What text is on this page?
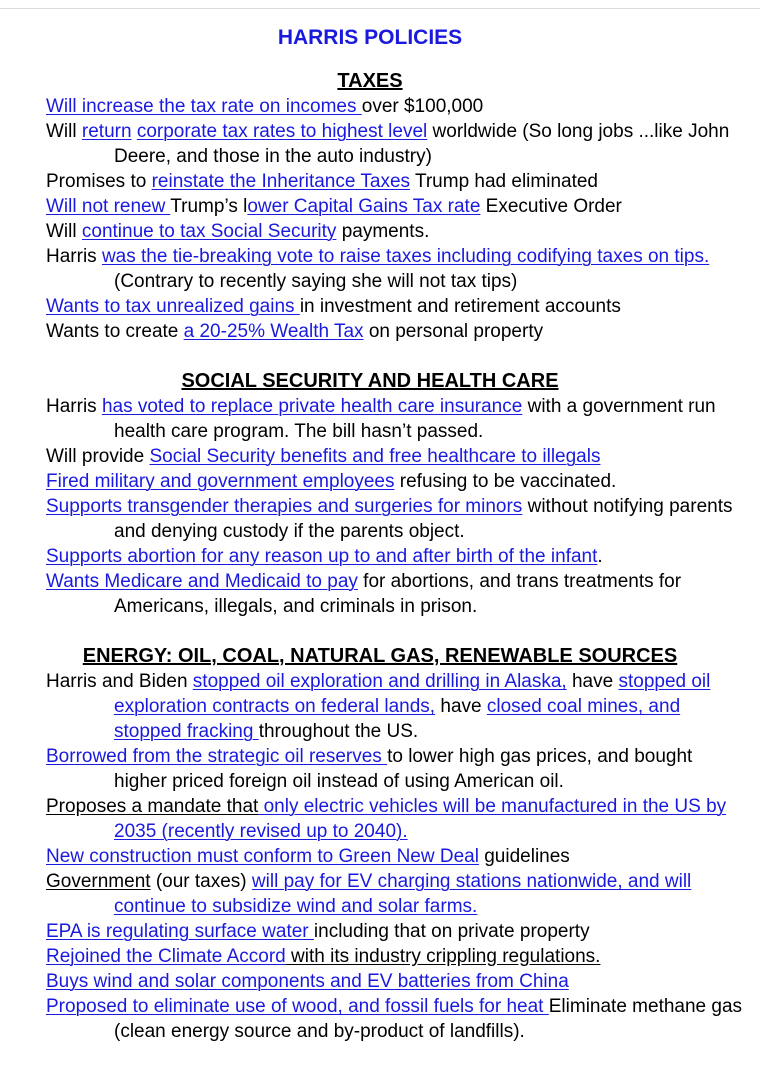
HARRIS POLICIES
TAXES

Will increase the tax rate on incomes over $100,000

Will return corporate tax rates to highest level worldwide (So long jobs ...like John Deere, and those in the auto industry)

Promises to reinstate the Inheritance Taxes Trump had eliminated

Will not renew Trump’s lower Capital Gains Tax rate Executive Order

Will continue to tax Social Security payments.

Harris was the tie-breaking vote to raise taxes including codifying taxes on tips. (Contrary to recently saying she will not tax tips)

Wants to tax unrealized gains in investment and retirement accounts

Wants to create a 20-25% Wealth Tax on personal property

SOCIAL SECURITY AND HEALTH CARE

Harris has voted to replace private health care insurance with a government run health care program. The bill hasn’t passed.

Will provide Social Security benefits and free healthcare to illegals

Fired military and government employees refusing to be vaccinated.

Supports transgender therapies and surgeries for minors without notifying parents and denying custody if the parents object.

Supports abortion for any reason up to and after birth of the infant.

Wants Medicare and Medicaid to pay for abortions, and trans treatments for Americans, illegals, and criminals in prison.

ENERGY: OIL, COAL, NATURAL GAS, RENEWABLE SOURCES

Harris and Biden stopped oil exploration and drilling in Alaska, have stopped oil exploration contracts on federal lands, have closed coal mines, and stopped fracking throughout the US.

Borrowed from the strategic oil reserves to lower high gas prices, and bought higher priced foreign oil instead of using American oil.

Proposes a mandate that only electric vehicles will be manufactured in the US by 2035 (recently revised up to 2040).

New construction must conform to Green New Deal guidelines

Government (our taxes) will pay for EV charging stations nationwide, and will continue to subsidize wind and solar farms.

EPA is regulating surface water including that on private property

Rejoined the Climate Accord with its industry crippling regulations.

Buys wind and solar components and EV batteries from China

Proposed to eliminate use of wood, and fossil fuels for heat Eliminate methane gas (clean energy source and by-product of landfills).
